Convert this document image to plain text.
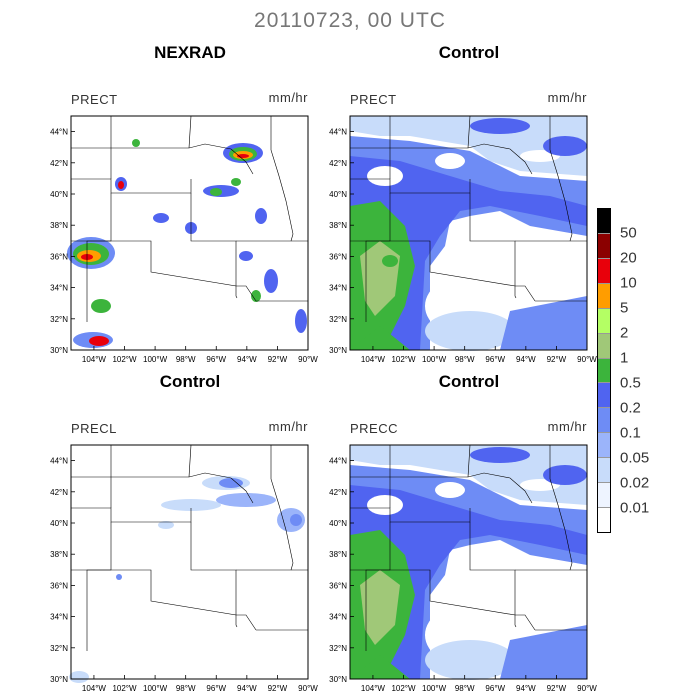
20110723, 00 UTC
NEXRAD	Control
Control	Control
PRECT	mm/hr	PRECT	mm/hr
PRECL	mm/hr	PRECC	mm/hr
104°W 102°W 100°W 98°W 96°W 94°W 92°W 90°W
30°N
32°N
34°N
36°N
38°N
40°N
42°N
44°N
104°W 102°W 100°W 98°W 96°W 94°W 92°W 90°W
30°N
32°N
34°N
36°N
38°N
40°N
42°N
44°N
104°W 102°W 100°W 98°W 96°W 94°W 92°W 90°W
30°N
32°N
34°N
36°N
38°N
40°N
42°N
44°N
104°W 102°W 100°W 98°W 96°W 94°W 92°W 90°W
30°N
32°N
34°N
36°N
38°N
40°N
42°N
44°N
50
20
10
5
2
1
0.5
0.2
0.1
0.05
0.02
0.01
